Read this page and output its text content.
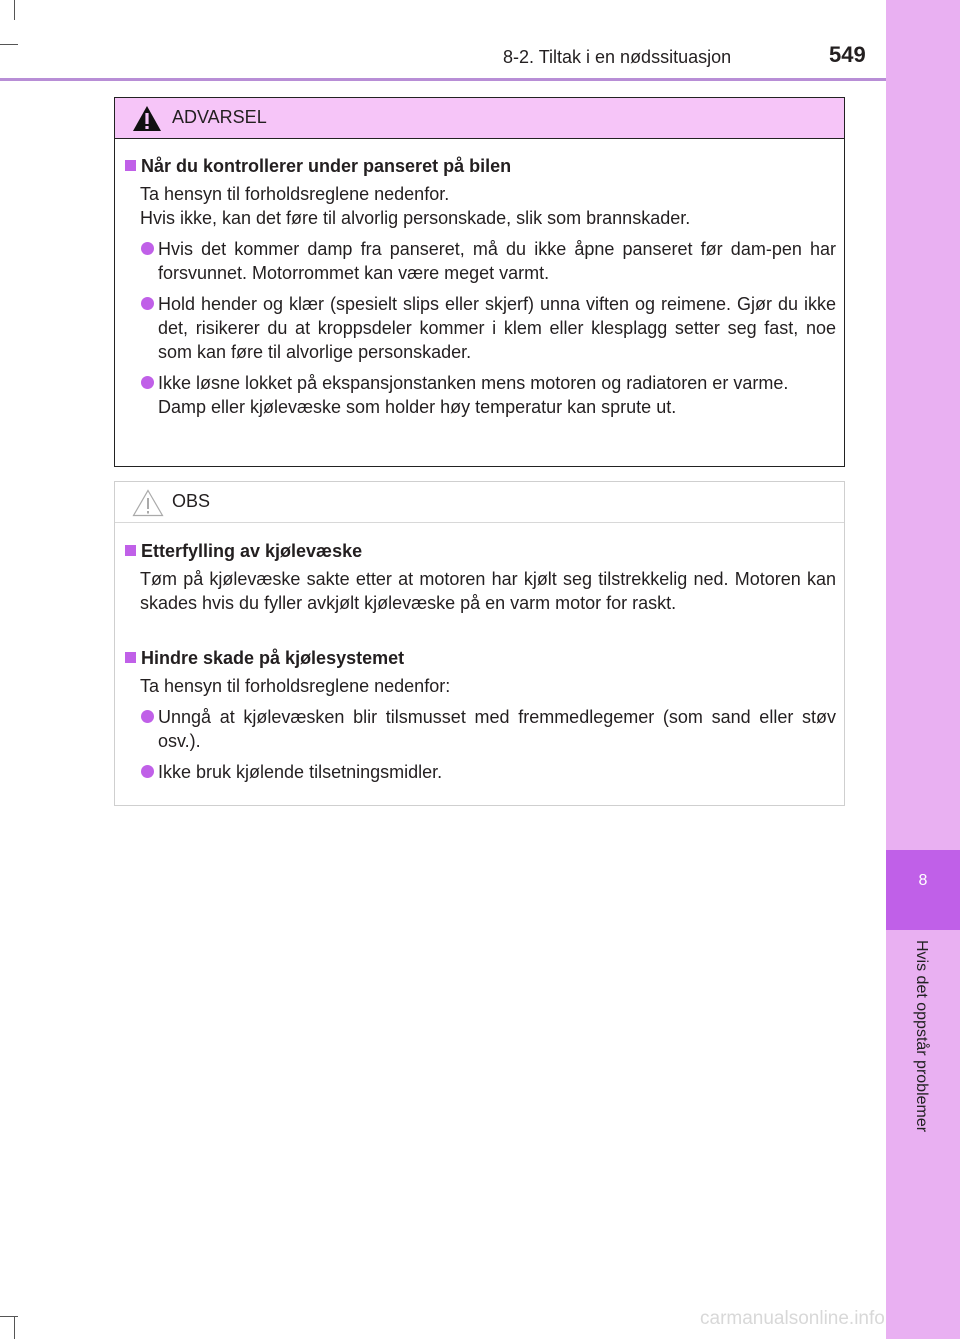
8
Hvis det oppstår problemer
8-2. Tiltak i en nødssituasjon	549
ADVARSEL
Når du kontrollerer under panseret på bilen
Ta hensyn til forholdsreglene nedenfor.
Hvis ikke, kan det føre til alvorlig personskade, slik som brannskader.
Hvis det kommer damp fra panseret, må du ikke åpne panseret før dam-pen har forsvunnet. Motorrommet kan være meget varmt.
Hold hender og klær (spesielt slips eller skjerf) unna viften og reimene. Gjør du ikke det, risikerer du at kroppsdeler kommer i klem eller klesplagg setter seg fast, noe som kan føre til alvorlige personskader.
Ikke løsne lokket på ekspansjonstanken mens motoren og radiatoren er varme.
Damp eller kjølevæske som holder høy temperatur kan sprute ut.
OBS
Etterfylling av kjølevæske
Tøm på kjølevæske sakte etter at motoren har kjølt seg tilstrekkelig ned. Motoren kan skades hvis du fyller avkjølt kjølevæske på en varm motor for raskt.
Hindre skade på kjølesystemet
Ta hensyn til forholdsreglene nedenfor:
Unngå at kjølevæsken blir tilsmusset med fremmedlegemer (som sand eller støv osv.).
Ikke bruk kjølende tilsetningsmidler.
carmanualsonline.info
